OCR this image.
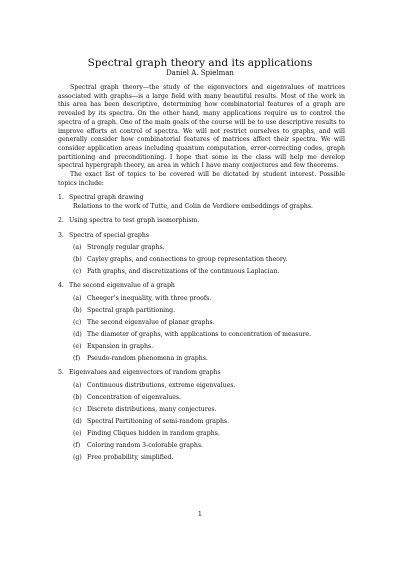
Spectral graph theory and its applications
Daniel A. Spielman

Spectral graph theory—the study of the eigenvectors and eigenvalues of matrices associated with graphs—is a large field with many beautiful results. Most of the work in this area has been descriptive, determining how combinatorial features of a graph are revealed by its spectra. On the other hand, many applications require us to control the spectra of a graph. One of the main goals of the course will be to use descriptive results to improve efforts at control of spectra. We will not restrict ourselves to graphs, and will generally consider how combinatorial features of matrices affect their spectra. We will consider application areas including quantum computation, error-correcting codes, graph partitioning and preconditioning. I hope that some in the class will help me develop spectral hypergraph theory, an area in which I have many conjectures and few theorems.

The exact list of topics to be covered will be dictated by student interest. Possible topics include:

1. Spectral graph drawing
Relations to the work of Tutte, and Colin de Verdiere embeddings of graphs.
2. Using spectra to test graph isomorphism.
3. Spectra of special graphs
(a) Strongly regular graphs.
(b) Cayley graphs, and connections to group representation theory.
(c) Path graphs, and discretizations of the continuous Laplacian.
4. The second eigenvalue of a graph
(a) Cheeger’s inequality, with three proofs.
(b) Spectral graph partitioning.
(c) The second eigenvalue of planar graphs.
(d) The diameter of graphs, with applications to concentration of measure.
(e) Expansion in graphs.
(f) Pseudo-random phenomena in graphs.
5. Eigenvalues and eigenvectors of random graphs
(a) Continuous distributions, extreme eigenvalues.
(b) Concentration of eigenvalues.
(c) Discrete distributions, many conjectures.
(d) Spectral Partitioning of semi-random graphs.
(e) Finding Cliques hidden in random graphs.
(f) Coloring random 3-colorable graphs.
(g) Free probability, simplified.
1
